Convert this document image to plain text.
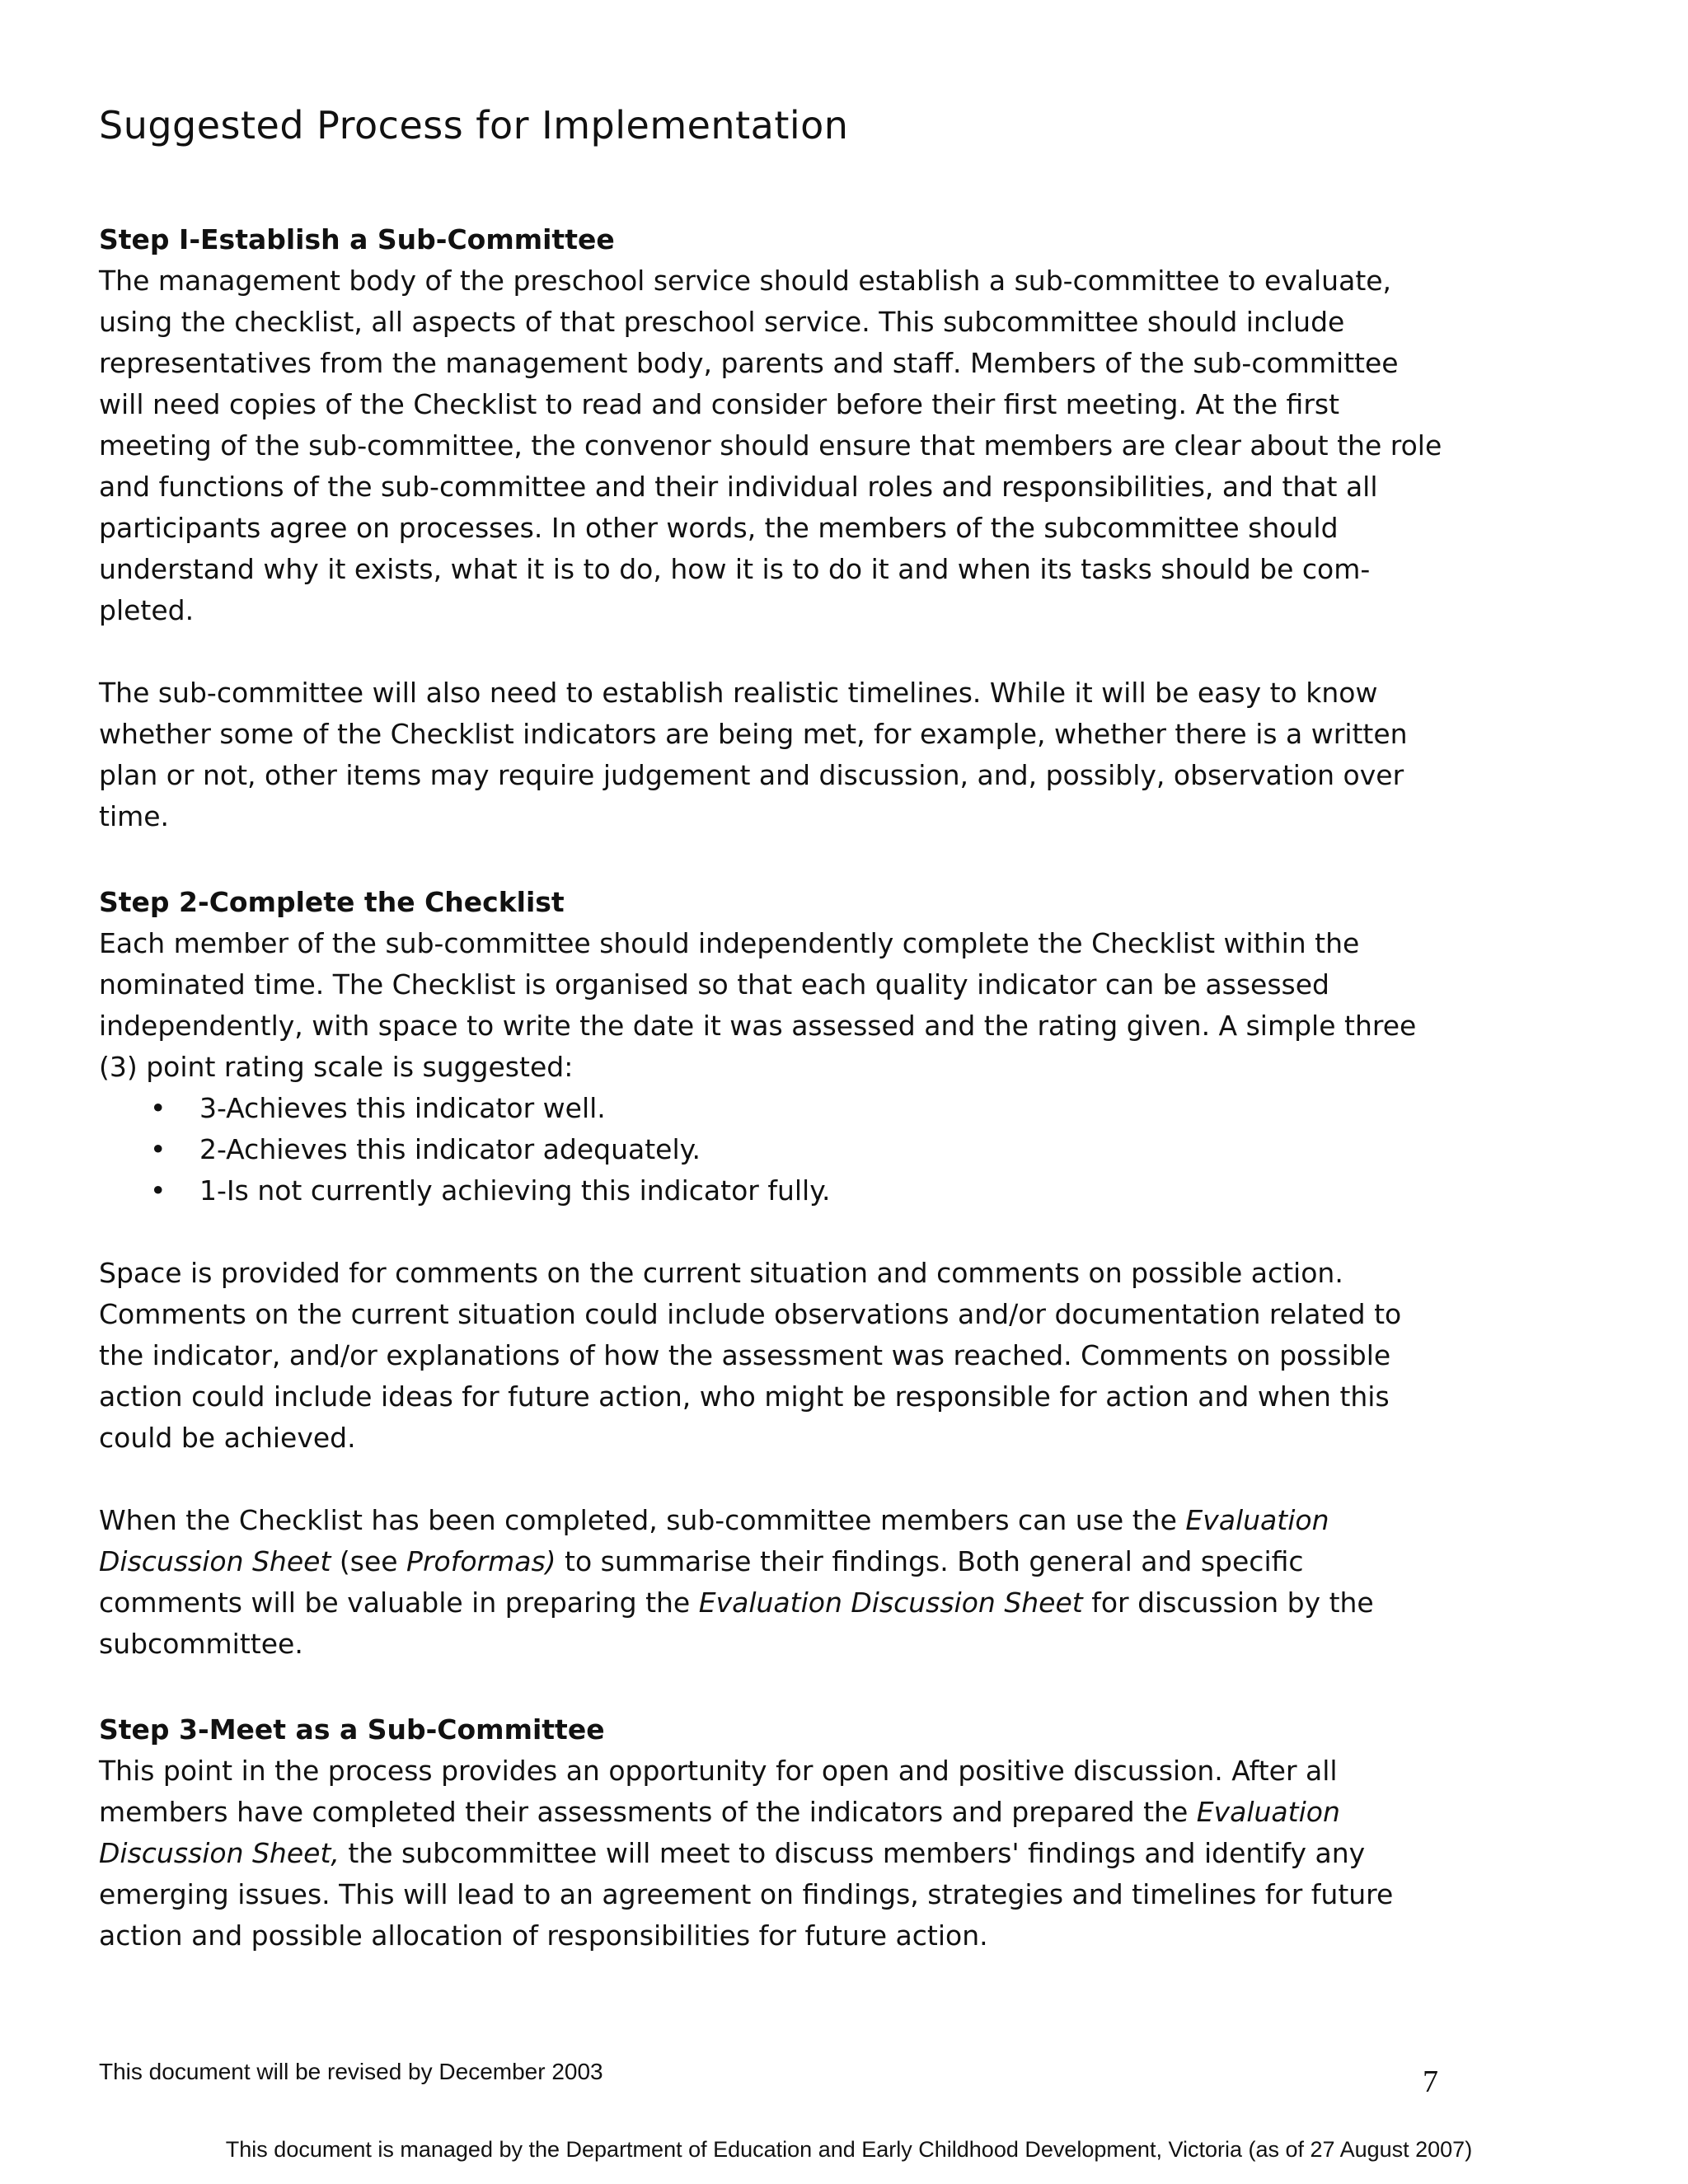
Suggested Process for Implementation
Step I-Establish a Sub-Committee

The management body of the preschool service should establish a sub-committee to evaluate, using the checklist, all aspects of that preschool service. This subcommittee should include representatives from the management body, parents and staff. Members of the sub-committee will need copies of the Checklist to read and consider before their first meeting. At the first meeting of the sub-committee, the convenor should ensure that members are clear about the role and functions of the sub-committee and their individual roles and responsibilities, and that all participants agree on processes. In other words, the members of the subcommittee should understand why it exists, what it is to do, how it is to do it and when its tasks should be com-pleted.

The sub-committee will also need to establish realistic timelines. While it will be easy to know whether some of the Checklist indicators are being met, for example, whether there is a written plan or not, other items may require judgement and discussion, and, possibly, observation over time.

Step 2-Complete the Checklist

Each member of the sub-committee should independently complete the Checklist within the nominated time. The Checklist is organised so that each quality indicator can be assessed independently, with space to write the date it was assessed and the rating given. A simple three (3) point rating scale is suggested:

• 3-Achieves this indicator well.
• 2-Achieves this indicator adequately.
• 1-Is not currently achieving this indicator fully.

Space is provided for comments on the current situation and comments on possible action. Comments on the current situation could include observations and/or documentation related to the indicator, and/or explanations of how the assessment was reached. Comments on possible action could include ideas for future action, who might be responsible for action and when this could be achieved.

When the Checklist has been completed, sub-committee members can use the Evaluation Discussion Sheet (see Proformas) to summarise their findings. Both general and specific comments will be valuable in preparing the Evaluation Discussion Sheet for discussion by the subcommittee.

Step 3-Meet as a Sub-Committee

This point in the process provides an opportunity for open and positive discussion. After all members have completed their assessments of the indicators and prepared the Evaluation Discussion Sheet, the subcommittee will meet to discuss members' findings and identify any emerging issues. This will lead to an agreement on findings, strategies and timelines for future action and possible allocation of responsibilities for future action.

This document will be revised by December 2003	7
This document is managed by the Department of Education and Early Childhood Development, Victoria (as of 27 August 2007)
